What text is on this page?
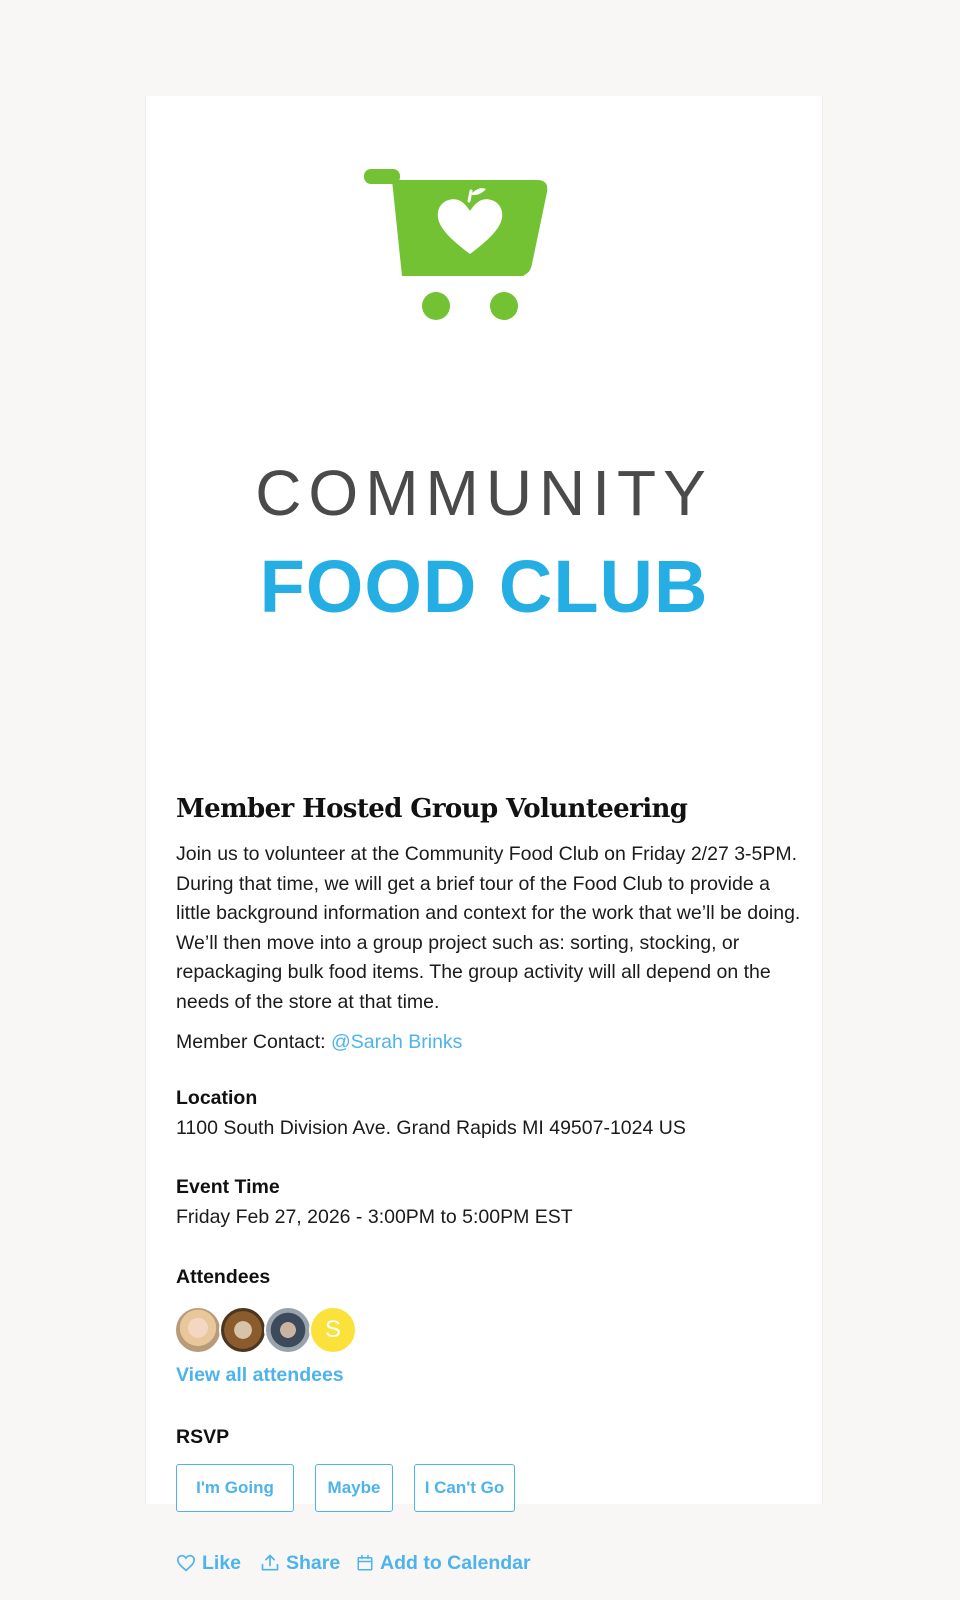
COMMUNITY
FOOD CLUB
Member Hosted Group Volunteering
Join us to volunteer at the Community Food Club on Friday 2/27 3-5PM. During that time, we will get a brief tour of the Food Club to provide a little background information and context for the work that we’ll be doing. We’ll then move into a group project such as: sorting, stocking, or repackaging bulk food items. The group activity will all depend on the needs of the store at that time.
Member Contact: @Sarah Brinks
Location
1100 South Division Ave. Grand Rapids MI 49507-1024 US
Event Time
Friday Feb 27, 2026 - 3:00PM to 5:00PM EST
Attendees
S
View all attendees
RSVP
I'm Going	Maybe	I Can't Go
Like Share Add to Calendar
